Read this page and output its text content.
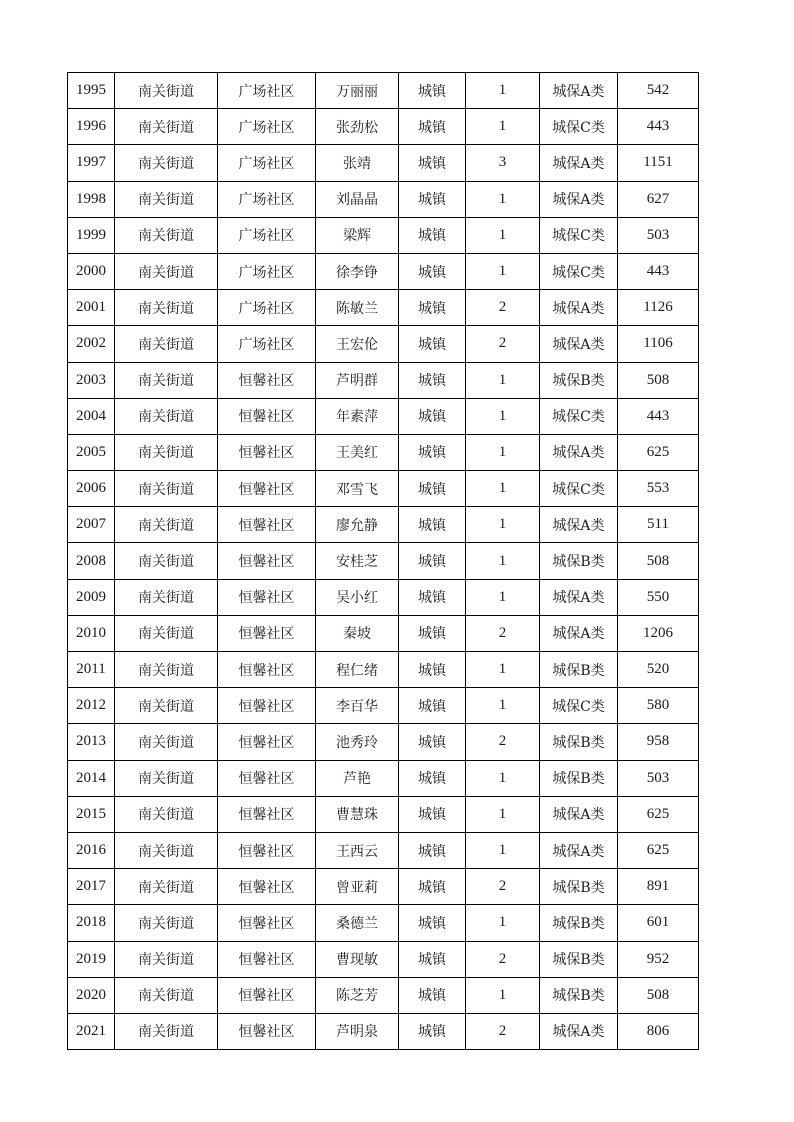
1995	南关街道	广场社区	万丽丽	城镇	1	城保A类	542
1996	南关街道	广场社区	张劲松	城镇	1	城保C类	443
1997	南关街道	广场社区	张靖	城镇	3	城保A类	1151
1998	南关街道	广场社区	刘晶晶	城镇	1	城保A类	627
1999	南关街道	广场社区	梁辉	城镇	1	城保C类	503
2000	南关街道	广场社区	徐李铮	城镇	1	城保C类	443
2001	南关街道	广场社区	陈敏兰	城镇	2	城保A类	1126
2002	南关街道	广场社区	王宏伦	城镇	2	城保A类	1106
2003	南关街道	恒馨社区	芦明群	城镇	1	城保B类	508
2004	南关街道	恒馨社区	年素萍	城镇	1	城保C类	443
2005	南关街道	恒馨社区	王美红	城镇	1	城保A类	625
2006	南关街道	恒馨社区	邓雪飞	城镇	1	城保C类	553
2007	南关街道	恒馨社区	廖允静	城镇	1	城保A类	511
2008	南关街道	恒馨社区	安桂芝	城镇	1	城保B类	508
2009	南关街道	恒馨社区	吴小红	城镇	1	城保A类	550
2010	南关街道	恒馨社区	秦坡	城镇	2	城保A类	1206
2011	南关街道	恒馨社区	程仁绪	城镇	1	城保B类	520
2012	南关街道	恒馨社区	李百华	城镇	1	城保C类	580
2013	南关街道	恒馨社区	池秀玲	城镇	2	城保B类	958
2014	南关街道	恒馨社区	芦艳	城镇	1	城保B类	503
2015	南关街道	恒馨社区	曹慧珠	城镇	1	城保A类	625
2016	南关街道	恒馨社区	王西云	城镇	1	城保A类	625
2017	南关街道	恒馨社区	曾亚莉	城镇	2	城保B类	891
2018	南关街道	恒馨社区	桑德兰	城镇	1	城保B类	601
2019	南关街道	恒馨社区	曹现敏	城镇	2	城保B类	952
2020	南关街道	恒馨社区	陈芝芳	城镇	1	城保B类	508
2021	南关街道	恒馨社区	芦明泉	城镇	2	城保A类	806
